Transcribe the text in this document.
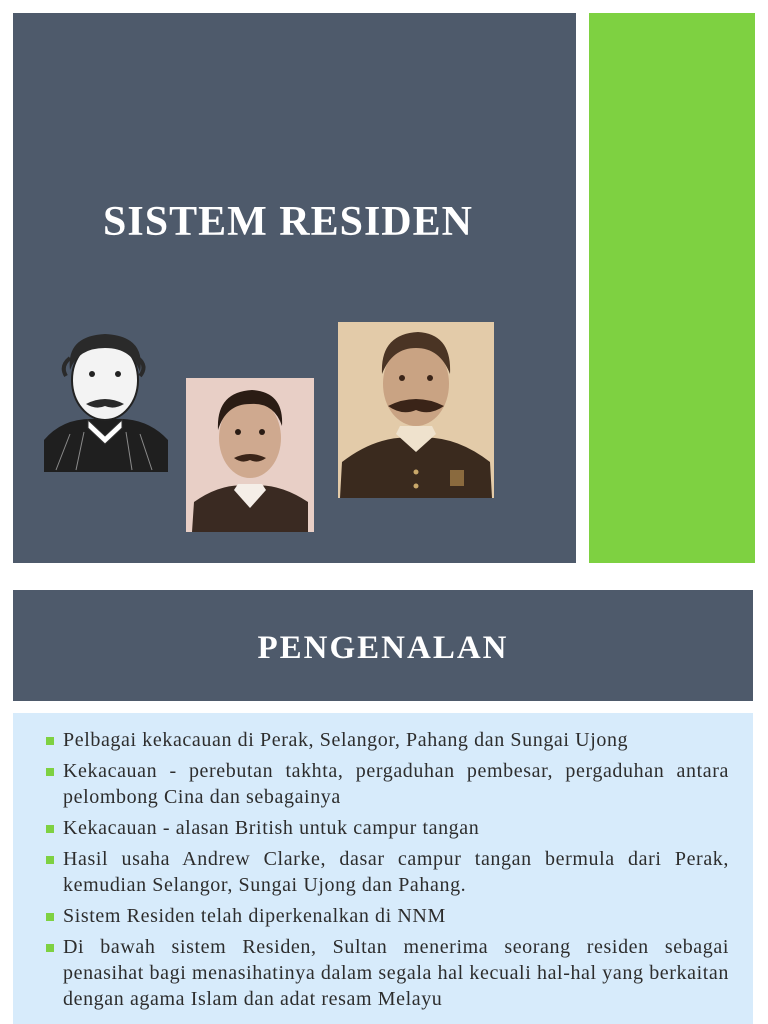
SISTEM RESIDEN
PENGENALAN
Pelbagai kekacauan di Perak, Selangor, Pahang dan Sungai Ujong
Kekacauan - perebutan takhta, pergaduhan pembesar, pergaduhan antara pelombong Cina dan sebagainya
Kekacauan - alasan British untuk campur tangan
Hasil usaha Andrew Clarke, dasar campur tangan bermula dari Perak, kemudian Selangor, Sungai Ujong dan Pahang.
Sistem Residen telah diperkenalkan di NNM
Di bawah sistem Residen, Sultan menerima seorang residen sebagai penasihat bagi menasihatinya dalam segala hal kecuali hal-hal yang berkaitan dengan agama Islam dan adat resam Melayu
